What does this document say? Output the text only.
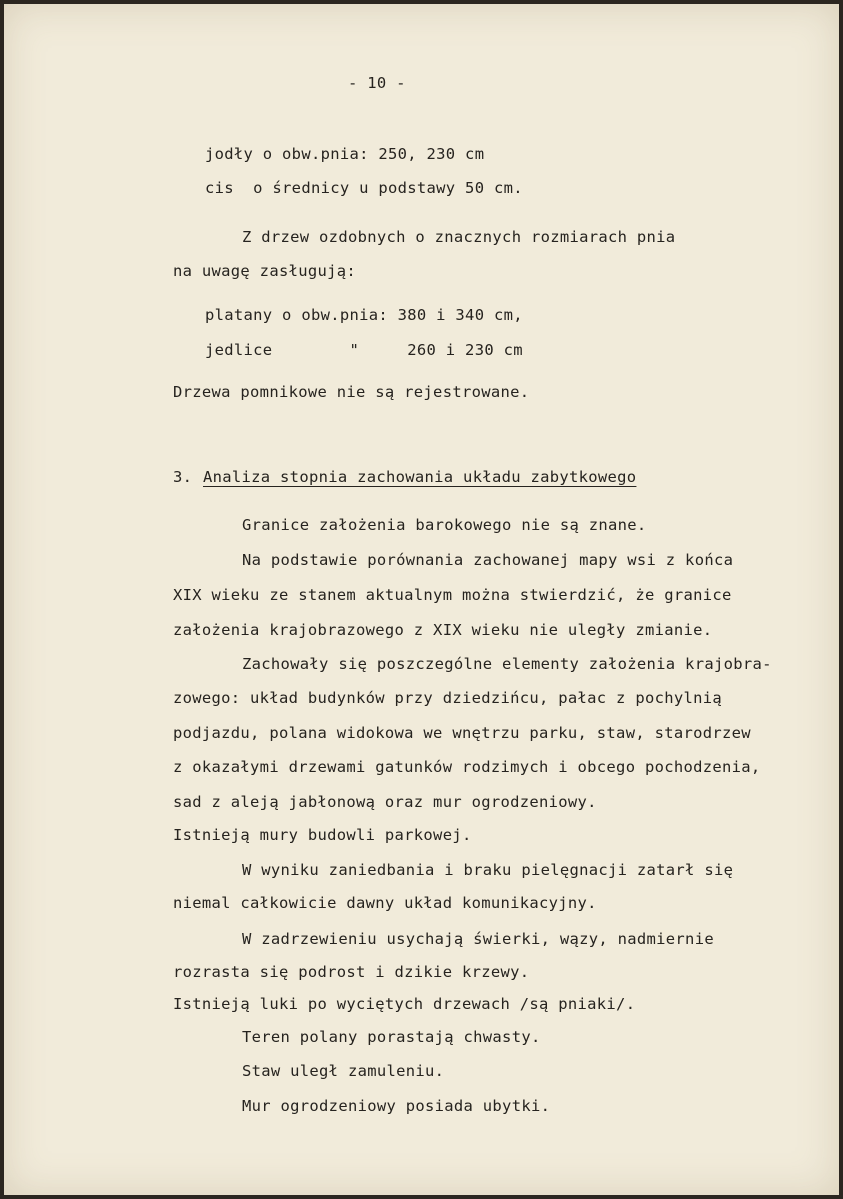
- 10 -
jodły o obw.pnia: 250, 230 cm
cis  o średnicy u podstawy 50 cm.
Z drzew ozdobnych o znacznych rozmiarach pnia
na uwagę zasługują:
platany o obw.pnia: 380 i 340 cm,
jedlice        "     260 i 230 cm
Drzewa pomnikowe nie są rejestrowane.
3. Analiza stopnia zachowania układu zabytkowego
Granice założenia barokowego nie są znane.
Na podstawie porównania zachowanej mapy wsi z końca
XIX wieku ze stanem aktualnym można stwierdzić, że granice
założenia krajobrazowego z XIX wieku nie uległy zmianie.
Zachowały się poszczególne elementy założenia krajobra-
zowego: układ budynków przy dziedzińcu, pałac z pochylnią
podjazdu, polana widokowa we wnętrzu parku, staw, starodrzew
z okazałymi drzewami gatunków rodzimych i obcego pochodzenia,
sad z aleją jabłonową oraz mur ogrodzeniowy.
Istnieją mury budowli parkowej.
W wyniku zaniedbania i braku pielęgnacji zatarł się
niemal całkowicie dawny układ komunikacyjny.
W zadrzewieniu usychają świerki, wązy, nadmiernie
rozrasta się podrost i dzikie krzewy.
Istnieją luki po wyciętych drzewach /są pniaki/.
Teren polany porastają chwasty.
Staw uległ zamuleniu.
Mur ogrodzeniowy posiada ubytki.
